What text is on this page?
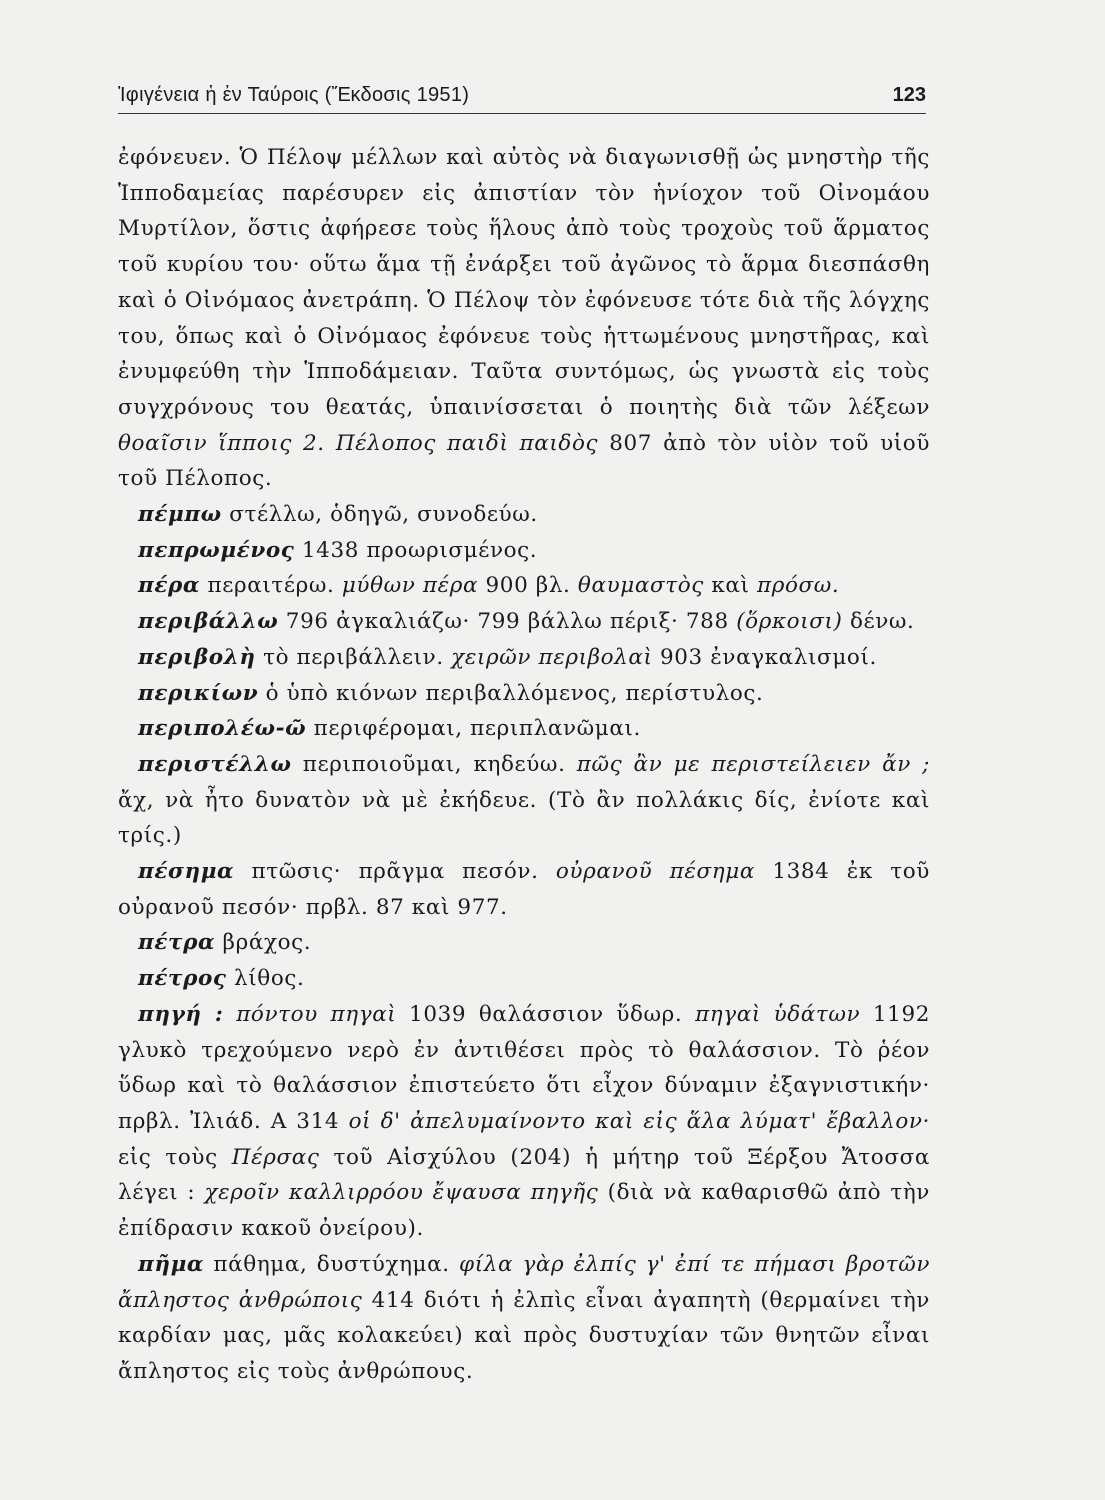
Ἰφιγένεια ἡ ἐν Ταύροις (Ἔκδοσις 1951)	123

ἐφόνευεν. Ὁ Πέλοψ μέλλων καὶ αὐτὸς νὰ διαγωνισθῇ ὡς μνηστὴρ τῆς Ἱπποδαμείας παρέσυρεν εἰς ἀπιστίαν τὸν ἡνίοχον τοῦ Οἰνομάου Μυρτίλον, ὅστις ἀφήρεσε τοὺς ἥλους ἀπὸ τοὺς τροχοὺς τοῦ ἅρματος τοῦ κυρίου του· οὕτω ἅμα τῇ ἐνάρξει τοῦ ἀγῶνος τὸ ἅρμα διεσπάσθη καὶ ὁ Οἰνόμαος ἀνετράπη. Ὁ Πέλοψ τὸν ἐφόνευσε τότε διὰ τῆς λόγχης του, ὅπως καὶ ὁ Οἰνόμαος ἐφόνευε τοὺς ἡττωμένους μνηστῆρας, καὶ ἐνυμφεύθη τὴν Ἱπποδάμειαν. Ταῦτα συντόμως, ὡς γνωστὰ εἰς τοὺς συγχρόνους του θεατάς, ὑπαινίσσεται ὁ ποιητὴς διὰ τῶν λέξεων θοαῖσιν ἵπποις 2. Πέλοπος παιδὶ παιδὸς 807 ἀπὸ τὸν υἱὸν τοῦ υἱοῦ τοῦ Πέλοπος.

πέμπω στέλλω, ὁδηγῶ, συνοδεύω.

πεπρωμένος 1438 προωρισμένος.

πέρα περαιτέρω. μύθων πέρα 900 βλ. θαυμαστὸς καὶ πρόσω.

περιβάλλω 796 ἀγκαλιάζω· 799 βάλλω πέριξ· 788 (ὅρκοισι) δένω.

περιβολὴ τὸ περιβάλλειν. χειρῶν περιβολαὶ 903 ἐναγκαλισμοί.

περικίων ὁ ὑπὸ κιόνων περιβαλλόμενος, περίστυλος.

περιπολέω-ῶ περιφέρομαι, περιπλανῶμαι.

περιστέλλω περιποιοῦμαι, κηδεύω. πῶς ἂν με περιστείλειεν ἄν ; ἄχ, νὰ ἦτο δυνατὸν νὰ μὲ ἐκήδευε. (Τὸ ἂν πολλάκις δίς, ἐνίοτε καὶ τρίς.)

πέσημα πτῶσις· πρᾶγμα πεσόν. οὐρανοῦ πέσημα 1384 ἐκ τοῦ οὐρανοῦ πεσόν· πρβλ. 87 καὶ 977.

πέτρα βράχος.

πέτρος λίθος.

πηγή : πόντου πηγαὶ 1039 θαλάσσιον ὕδωρ. πηγαὶ ὑδάτων 1192 γλυκὸ τρεχούμενο νερὸ ἐν ἀντιθέσει πρὸς τὸ θαλάσσιον. Τὸ ῥέον ὕδωρ καὶ τὸ θαλάσσιον ἐπιστεύετο ὅτι εἶχον δύναμιν ἐξαγνιστικήν· πρβλ. Ἰλιάδ. Α 314 οἱ δ' ἀπελυμαίνοντο καὶ εἰς ἅλα λύματ' ἔβαλλον· εἰς τοὺς Πέρσας τοῦ Αἰσχύλου (204) ἡ μήτηρ τοῦ Ξέρξου Ἄτοσσα λέγει : χεροῖν καλλιρρόου ἔψαυσα πηγῆς (διὰ νὰ καθαρισθῶ ἀπὸ τὴν ἐπίδρασιν κακοῦ ὀνείρου).

πῆμα πάθημα, δυστύχημα. φίλα γὰρ ἐλπίς γ' ἐπί τε πήμασι βροτῶν ἄπληστος ἀνθρώποις 414 διότι ἡ ἐλπὶς εἶναι ἀγαπητὴ (θερμαίνει τὴν καρδίαν μας, μᾶς κολακεύει) καὶ πρὸς δυστυχίαν τῶν θνητῶν εἶναι ἄπληστος εἰς τοὺς ἀνθρώπους.
